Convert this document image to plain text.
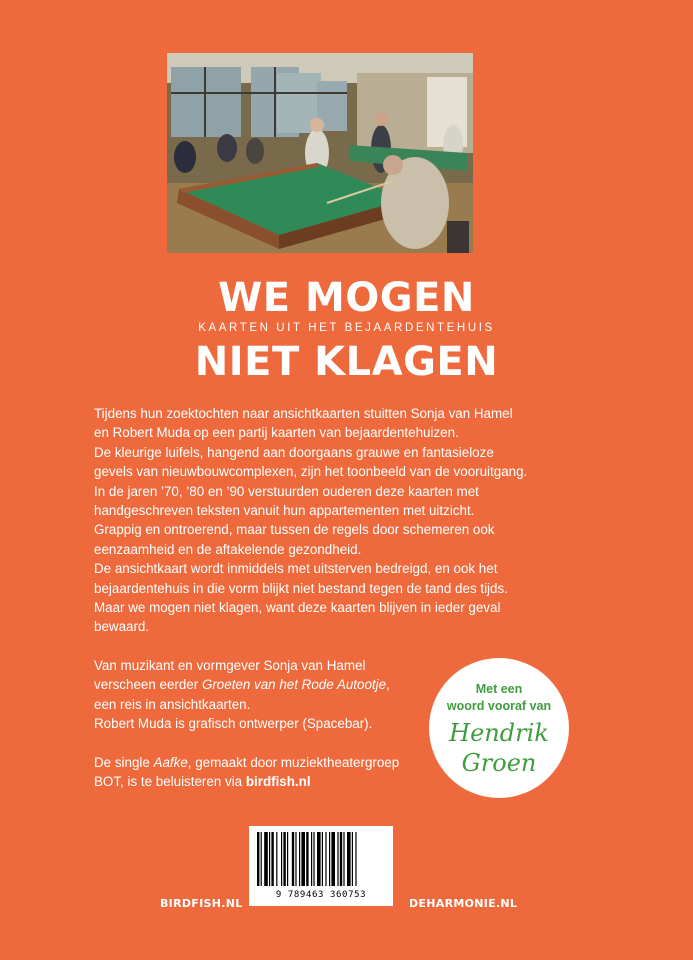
WE MOGEN
KAARTEN UIT HET BEJAARDENTEHUIS
NIET KLAGEN

Tijdens hun zoektochten naar ansichtkaarten stuitten Sonja van Hamel

en Robert Muda op een partij kaarten van bejaardentehuizen.

De kleurige luifels, hangend aan doorgaans grauwe en fantasieloze

gevels van nieuwbouwcomplexen, zijn het toonbeeld van de vooruitgang.

In de jaren ’70, ’80 en ’90 verstuurden ouderen deze kaarten met

handgeschreven teksten vanuit hun appartementen met uitzicht.

Grappig en ontroerend, maar tussen de regels door schemeren ook

eenzaamheid en de aftakelende gezondheid.

De ansichtkaart wordt inmiddels met uitsterven bedreigd, en ook het

bejaardentehuis in die vorm blijkt niet bestand tegen de tand des tijds.

Maar we mogen niet klagen, want deze kaarten blijven in ieder geval

bewaard.

Van muzikant en vormgever Sonja van Hamel

verscheen eerder Groeten van het Rode Autootje,

een reis in ansichtkaarten.

Robert Muda is grafisch ontwerper (Spacebar).

De single Aafke, gemaakt door muziektheatergroep

BOT, is te beluisteren via birdfish.nl

Met een
woord vooraf van
Hendrik
Groen
9 789463 360753
BIRDFISH.NL	DEHARMONIE.NL
